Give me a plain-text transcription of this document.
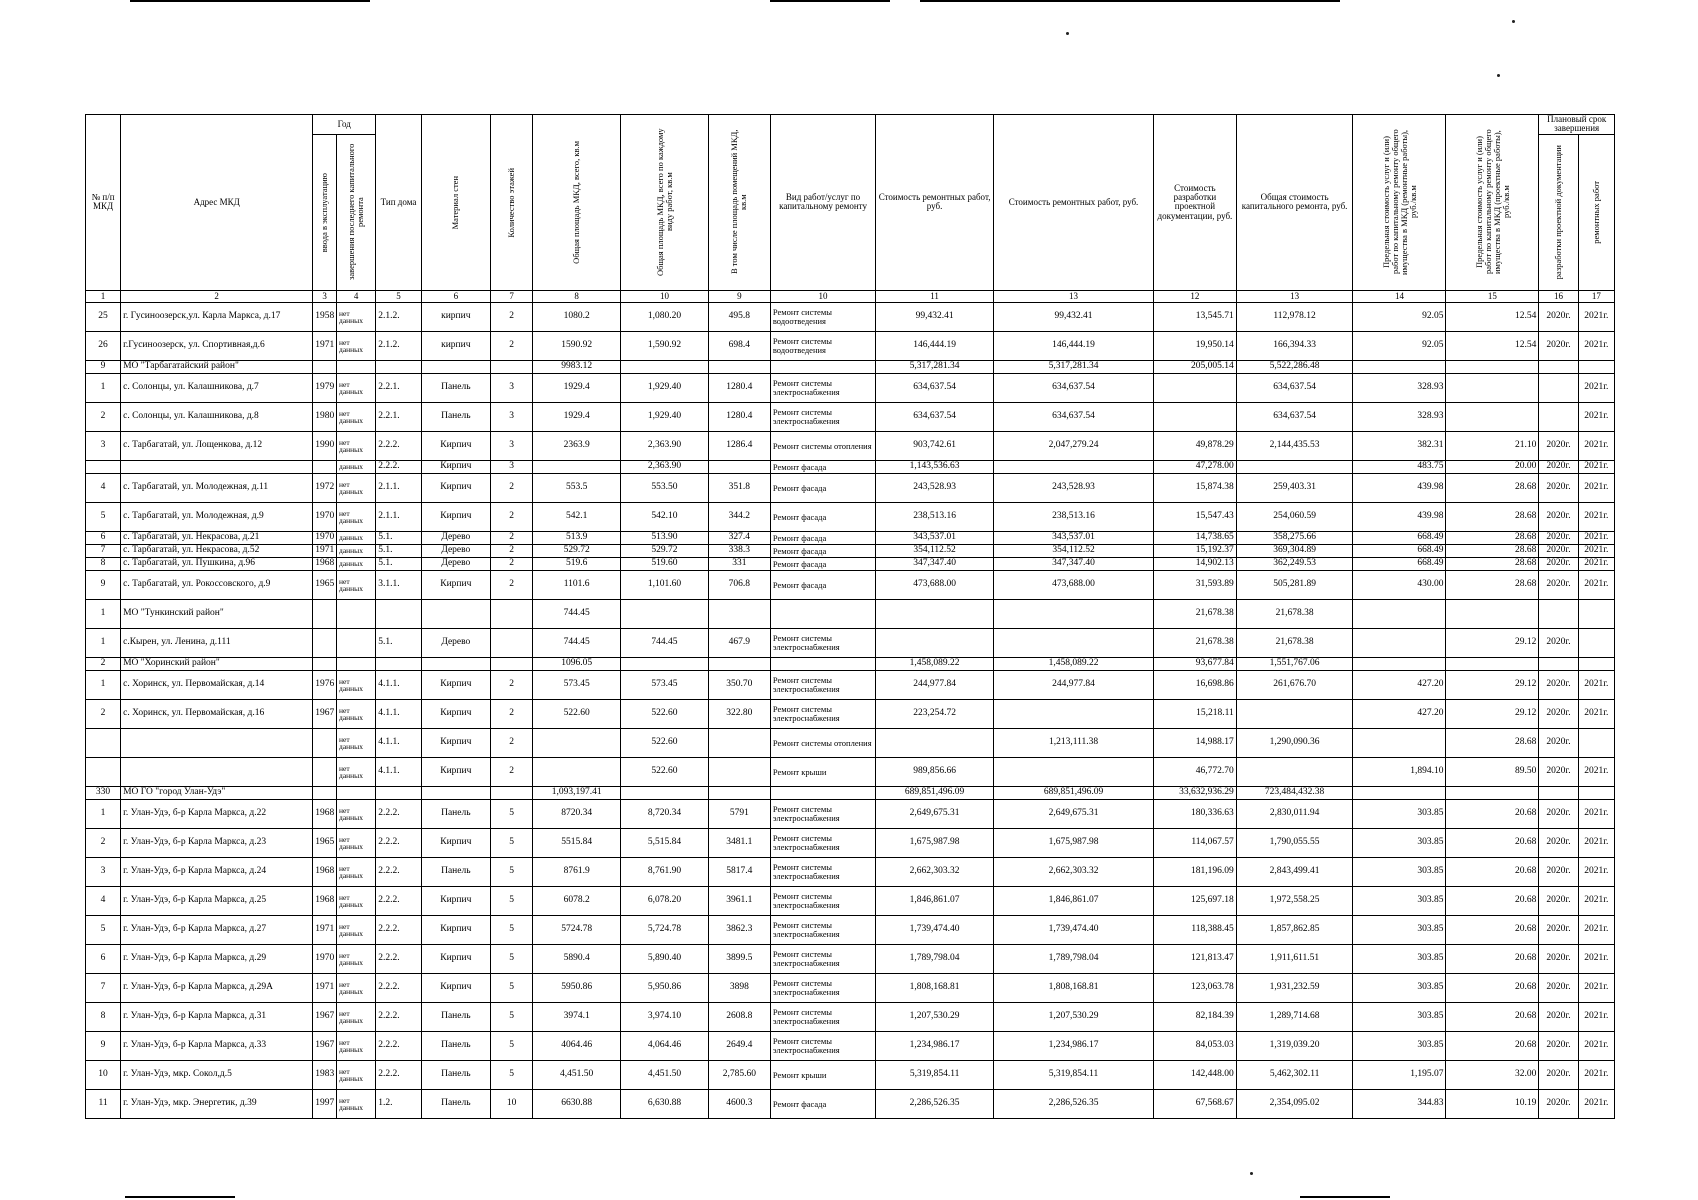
№ п/п МКД	Адрес МКД	Год		Тип дома	Материал стен	Количество этажей	Общая площадь МКД, всего, кв.м	Общая площадь МКД, всего по каждому виду работ, кв.м	В том числе площадь помещений МКД, кв.м	Вид работ/услуг по капитальному ремонту	Стоимость ремонтных работ, руб.	Стоимость ремонтных работ, руб.	Стоимость разработки проектной документации, руб.	Общая стоимость капитального ремонта, руб.	Предельная стоимость услуг и (или) работ по капитальному ремонту общего имущества в МКД (ремонтные работы), руб./кв.м	Предельная стоимость услуг и (или) работ по капитальному ремонту общего имущества в МКД (проектные работы), руб./кв.м	Плановый срок завершения	

		ввода в эксплуатацию	завершения последнего капитального ремонта														разработки проектной документации	ремонтных работ

1	2	3	4	5	6	7	8	10	9	10	11	13	12	13	14	15	16	17
25	г. Гусиноозерск,ул. Карла Маркса, д.17	1958	нет данных	2.1.2.	кирпич	2	1080.2	1,080.20	495.8	Ремонт системы водоотведения	99,432.41	99,432.41	13,545.71	112,978.12	92.05	12.54	2020г.	2021г.
26	г.Гусиноозерск, ул. Спортивная,д.6	1971	нет данных	2.1.2.	кирпич	2	1590.92	1,590.92	698.4	Ремонт системы водоотведения	146,444.19	146,444.19	19,950.14	166,394.33	92.05	12.54	2020г.	2021г.
9	МО "Тарбагатайский район"						9983.12				5,317,281.34	5,317,281.34	205,005.14	5,522,286.48				
1	с. Солонцы, ул. Калашникова, д.7	1979	нет данных	2.2.1.	Панель	3	1929.4	1,929.40	1280.4	Ремонт системы электроснабжения	634,637.54	634,637.54		634,637.54	328.93			2021г.
2	с. Солонцы, ул. Калашникова, д.8	1980	нет данных	2.2.1.	Панель	3	1929.4	1,929.40	1280.4	Ремонт системы электроснабжения	634,637.54	634,637.54		634,637.54	328.93			2021г.
3	с. Тарбагатай, ул. Лощенкова, д.12	1990	нет данных	2.2.2.	Кирпич	3	2363.9	2,363.90	1286.4	Ремонт системы отопления	903,742.61	2,047,279.24	49,878.29	2,144,435.53	382.31	21.10	2020г.	2021г.
			данных	2.2.2.	Кирпич	3		2,363.90		Ремонт фасада	1,143,536.63		47,278.00		483.75	20.00	2020г.	2021г.
4	с. Тарбагатай, ул. Молодежная, д.11	1972	нет данных	2.1.1.	Кирпич	2	553.5	553.50	351.8	Ремонт фасада	243,528.93	243,528.93	15,874.38	259,403.31	439.98	28.68	2020г.	2021г.
5	с. Тарбагатай, ул. Молодежная, д.9	1970	нет данных	2.1.1.	Кирпич	2	542.1	542.10	344.2	Ремонт фасада	238,513.16	238,513.16	15,547.43	254,060.59	439.98	28.68	2020г.	2021г.
6	с. Тарбагатай, ул. Некрасова, д.21	1970	данных	5.1.	Дерево	2	513.9	513.90	327.4	Ремонт фасада	343,537.01	343,537.01	14,738.65	358,275.66	668.49	28.68	2020г.	2021г.
7	с. Тарбагатай, ул. Некрасова, д.52	1971	данных	5.1.	Дерево	2	529.72	529.72	338.3	Ремонт фасада	354,112.52	354,112.52	15,192.37	369,304.89	668.49	28.68	2020г.	2021г.
8	с. Тарбагатай, ул. Пушкина, д.96	1968	данных	5.1.	Дерево	2	519.6	519.60	331	Ремонт фасада	347,347.40	347,347.40	14,902.13	362,249.53	668.49	28.68	2020г.	2021г.
9	с. Тарбагатай, ул. Рокоссовского, д.9	1965	нет данных	3.1.1.	Кирпич	2	1101.6	1,101.60	706.8	Ремонт фасада	473,688.00	473,688.00	31,593.89	505,281.89	430.00	28.68	2020г.	2021г.
1	МО "Тункинский район"						744.45						21,678.38	21,678.38				
1	с.Кырен, ул. Ленина, д.111			5.1.	Дерево		744.45	744.45	467.9	Ремонт системы электроснабжения			21,678.38	21,678.38		29.12	2020г.	
2	МО "Хоринский район"						1096.05				1,458,089.22	1,458,089.22	93,677.84	1,551,767.06				
1	с. Хоринск, ул. Первомайская, д.14	1976	нет данных	4.1.1.	Кирпич	2	573.45	573.45	350.70	Ремонт системы электроснабжения	244,977.84	244,977.84	16,698.86	261,676.70	427.20	29.12	2020г.	2021г.
2	с. Хоринск, ул. Первомайская, д.16	1967	нет данных	4.1.1.	Кирпич	2	522.60	522.60	322.80	Ремонт системы электроснабжения	223,254.72		15,218.11		427.20	29.12	2020г.	2021г.
			нет данных	4.1.1.	Кирпич	2		522.60		Ремонт системы отопления		1,213,111.38	14,988.17	1,290,090.36		28.68	2020г.	
			нет данных	4.1.1.	Кирпич	2		522.60		Ремонт крыши	989,856.66		46,772.70		1,894.10	89.50	2020г.	2021г.
330	МО ГО "город Улан-Удэ"						1,093,197.41				689,851,496.09	689,851,496.09	33,632,936.29	723,484,432.38				
1	г. Улан-Удэ, б-р Карла Маркса, д.22	1968	нет данных	2.2.2.	Панель	5	8720.34	8,720.34	5791	Ремонт системы электроснабжения	2,649,675.31	2,649,675.31	180,336.63	2,830,011.94	303.85	20.68	2020г.	2021г.
2	г. Улан-Удэ, б-р Карла Маркса, д.23	1965	нет данных	2.2.2.	Кирпич	5	5515.84	5,515.84	3481.1	Ремонт системы электроснабжения	1,675,987.98	1,675,987.98	114,067.57	1,790,055.55	303.85	20.68	2020г.	2021г.
3	г. Улан-Удэ, б-р Карла Маркса, д.24	1968	нет данных	2.2.2.	Панель	5	8761.9	8,761.90	5817.4	Ремонт системы электроснабжения	2,662,303.32	2,662,303.32	181,196.09	2,843,499.41	303.85	20.68	2020г.	2021г.
4	г. Улан-Удэ, б-р Карла Маркса, д.25	1968	нет данных	2.2.2.	Кирпич	5	6078.2	6,078.20	3961.1	Ремонт системы электроснабжения	1,846,861.07	1,846,861.07	125,697.18	1,972,558.25	303.85	20.68	2020г.	2021г.
5	г. Улан-Удэ, б-р Карла Маркса, д.27	1971	нет данных	2.2.2.	Кирпич	5	5724.78	5,724.78	3862.3	Ремонт системы электроснабжения	1,739,474.40	1,739,474.40	118,388.45	1,857,862.85	303.85	20.68	2020г.	2021г.
6	г. Улан-Удэ, б-р Карла Маркса, д.29	1970	нет данных	2.2.2.	Кирпич	5	5890.4	5,890.40	3899.5	Ремонт системы электроснабжения	1,789,798.04	1,789,798.04	121,813.47	1,911,611.51	303.85	20.68	2020г.	2021г.
7	г. Улан-Удэ, б-р Карла Маркса, д.29А	1971	нет данных	2.2.2.	Кирпич	5	5950.86	5,950.86	3898	Ремонт системы электроснабжения	1,808,168.81	1,808,168.81	123,063.78	1,931,232.59	303.85	20.68	2020г.	2021г.
8	г. Улан-Удэ, б-р Карла Маркса, д.31	1967	нет данных	2.2.2.	Панель	5	3974.1	3,974.10	2608.8	Ремонт системы электроснабжения	1,207,530.29	1,207,530.29	82,184.39	1,289,714.68	303.85	20.68	2020г.	2021г.
9	г. Улан-Удэ, б-р Карла Маркса, д.33	1967	нет данных	2.2.2.	Панель	5	4064.46	4,064.46	2649.4	Ремонт системы электроснабжения	1,234,986.17	1,234,986.17	84,053.03	1,319,039.20	303.85	20.68	2020г.	2021г.
10	г. Улан-Удэ, мкр. Сокол,д.5	1983	нет данных	2.2.2.	Панель	5	4,451.50	4,451.50	2,785.60	Ремонт крыши	5,319,854.11	5,319,854.11	142,448.00	5,462,302.11	1,195.07	32.00	2020г.	2021г.
11	г. Улан-Удэ, мкр. Энергетик, д.39	1997	нет данных	1.2.	Панель	10	6630.88	6,630.88	4600.3	Ремонт фасада	2,286,526.35	2,286,526.35	67,568.67	2,354,095.02	344.83	10.19	2020г.	2021г.
